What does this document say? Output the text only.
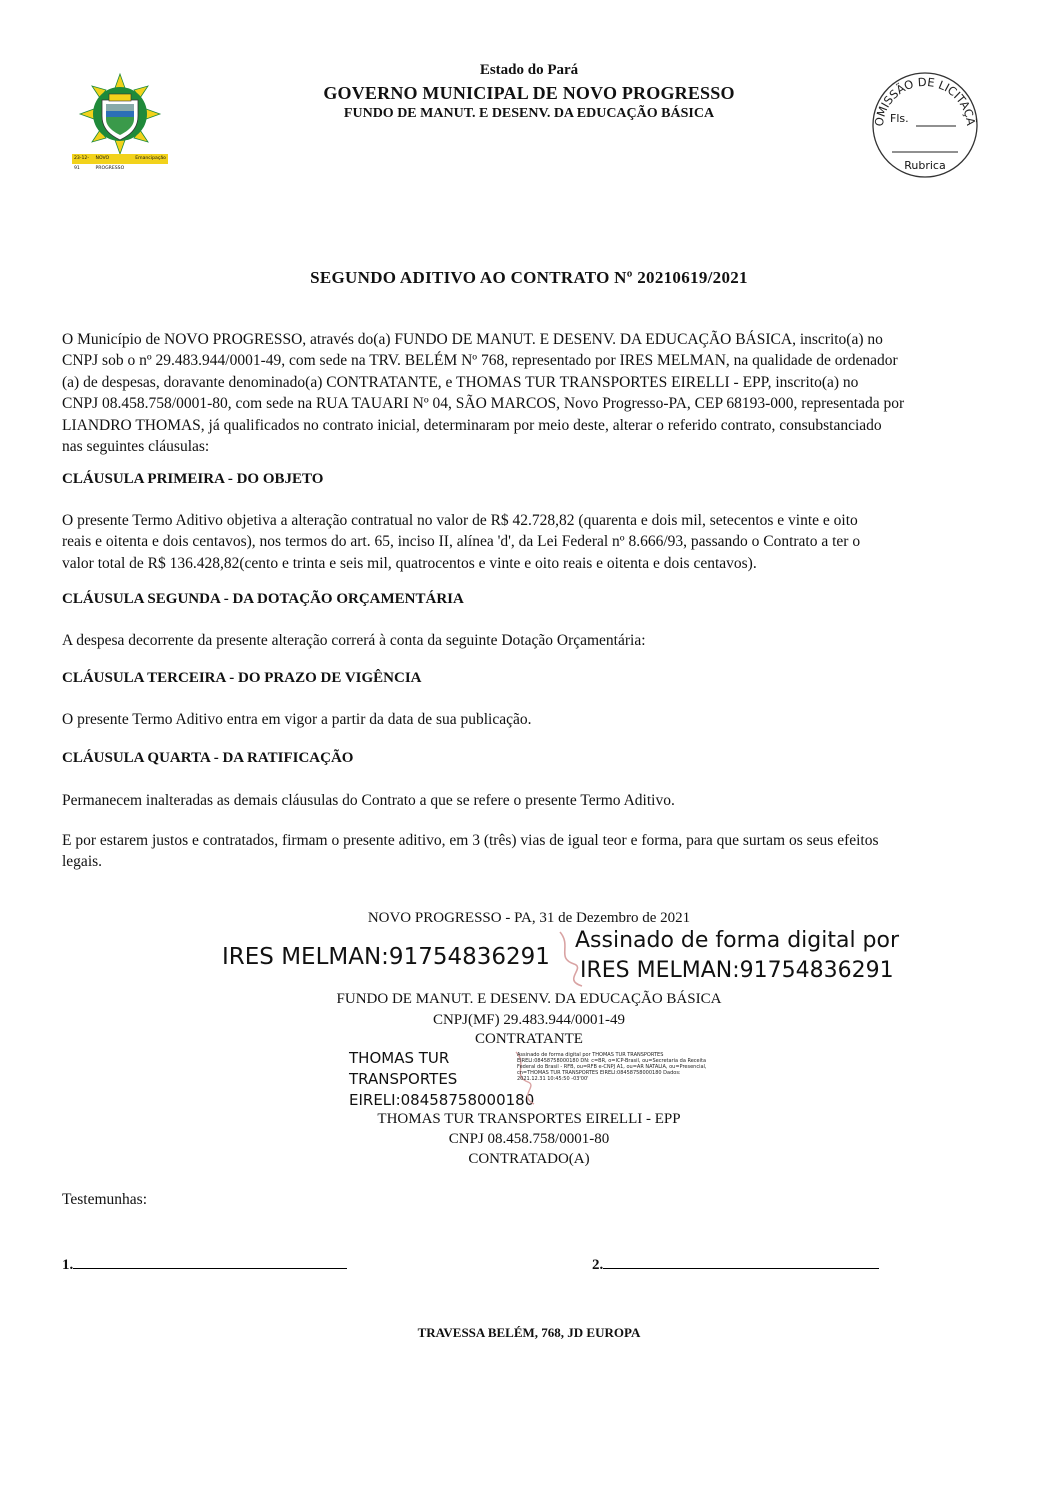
23-12-91
NOVO PROGRESSO
Emancipação
Estado do Pará
GOVERNO MUNICIPAL DE NOVO PROGRESSO
FUNDO DE MANUT. E DESENV. DA EDUCAÇÃO BÁSICA
OMISSÃO DE LICITAÇÃ
Fls.
Rubrica
SEGUNDO ADITIVO AO CONTRATO Nº 20210619/2021
O Município de NOVO PROGRESSO, através do(a) FUNDO DE MANUT. E DESENV. DA EDUCAÇÃO BÁSICA, inscrito(a) no
CNPJ sob o nº 29.483.944/0001-49, com sede na TRV. BELÉM Nº 768, representado por IRES MELMAN, na qualidade de ordenador
(a) de despesas, doravante denominado(a) CONTRATANTE, e THOMAS TUR TRANSPORTES EIRELLI - EPP, inscrito(a) no
CNPJ 08.458.758/0001-80, com sede na RUA TAUARI Nº 04, SÃO MARCOS, Novo Progresso-PA, CEP 68193-000, representada por
LIANDRO THOMAS, já qualificados no contrato inicial, determinaram por meio deste, alterar o referido contrato, consubstanciado
nas seguintes cláusulas:
CLÁUSULA PRIMEIRA - DO OBJETO
O presente Termo Aditivo objetiva a alteração contratual no valor de R$ 42.728,82 (quarenta e dois mil, setecentos e vinte e oito
reais e oitenta e dois centavos), nos termos do art. 65, inciso II, alínea 'd', da Lei Federal nº 8.666/93, passando o Contrato a ter o
valor total de R$ 136.428,82(cento e trinta e seis mil, quatrocentos e vinte e oito reais e oitenta e dois centavos).
CLÁUSULA SEGUNDA - DA DOTAÇÃO ORÇAMENTÁRIA
A despesa decorrente da presente alteração correrá à conta da seguinte Dotação Orçamentária:
CLÁUSULA TERCEIRA - DO PRAZO DE VIGÊNCIA
O presente Termo Aditivo entra em vigor a partir da data de sua publicação.
CLÁUSULA QUARTA - DA RATIFICAÇÃO
Permanecem inalteradas as demais cláusulas do Contrato a que se refere o presente Termo Aditivo.
E por estarem justos e contratados, firmam o presente aditivo, em 3 (três) vias de igual teor e forma, para que surtam os seus efeitos
legais.
NOVO PROGRESSO - PA, 31 de Dezembro de 2021
IRES MELMAN:91754836291
Assinado de forma digital por
IRES MELMAN:91754836291
FUNDO DE MANUT. E DESENV. DA EDUCAÇÃO BÁSICA
CNPJ(MF) 29.483.944/0001-49
CONTRATANTE
THOMAS TUR
TRANSPORTES
EIRELI:08458758000180
Assinado de forma digital por THOMAS TUR TRANSPORTES EIRELI:08458758000180 DN: c=BR, o=ICP-Brasil, ou=Secretaria da Receita Federal do Brasil - RFB, ou=RFB e-CNPJ A1, ou=AR NATALIA, ou=Presencial, cn=THOMAS TUR TRANSPORTES EIRELI:08458758000180 Dados: 2021.12.31 10:45:50 -03'00'
THOMAS TUR TRANSPORTES EIRELLI - EPP
CNPJ 08.458.758/0001-80
CONTRATADO(A)
Testemunhas:
1.	2.
TRAVESSA BELÉM, 768, JD EUROPA
